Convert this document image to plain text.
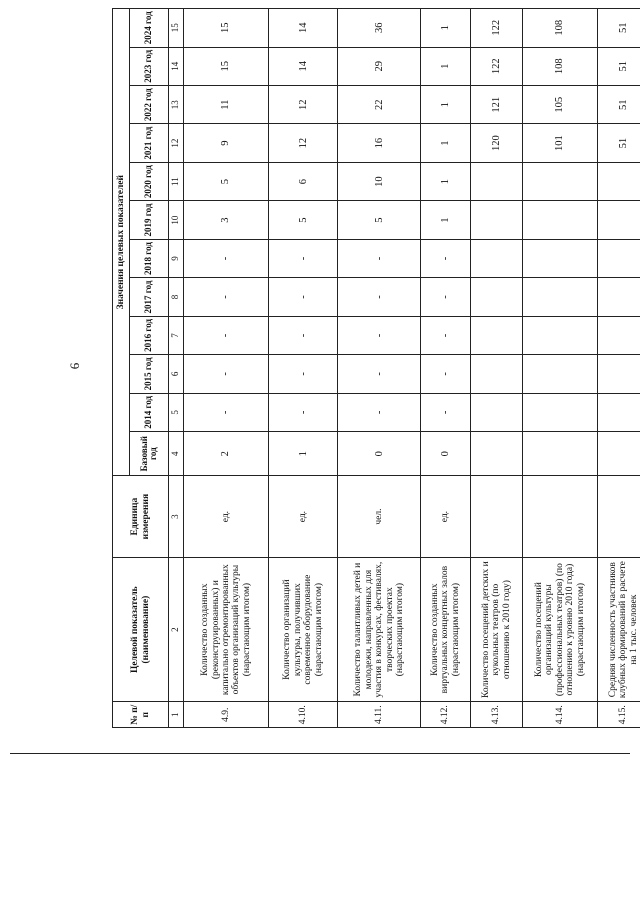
6
№ п/п	Целевой показатель (наименование)	Единица измерения	Значения целевых показателей											
			Базовый год	2014 год	2015 год	2016 год	2017 год	2018 год	2019 год	2020 год	2021 год	2022 год	2023 год	2024 год
1	2	3	4	5	6	7	8	9	10	11	12	13	14	15
4.9.	Количество созданных (реконструированных) и капитально отремонтированных объектов организаций культуры (нарастающим итогом)	ед.	2	-	-	-	-	-	3	5	9	11	15	15
4.10.	Количество организаций культуры, получивших современное оборудование (нарастающим итогом)	ед.	1	-	-	-	-	-	5	6	12	12	14	14
4.11.	Количество талантливых детей и молодежи, направленных для участия в конкурсах, фестивалях, творческих проектах (нарастающим итогом)	чел.	0	-	-	-	-	-	5	10	16	22	29	36
4.12.	Количество созданных виртуальных концертных залов (нарастающим итогом)	ед.	0	-	-	-	-	-	1	1	1	1	1	1
4.13.	Количество посещений детских и кукольных театров (по отношению к 2010 году)										120	121	122	122
4.14.	Количество посещений организаций культуры (профессиональных театров) (по отношению к уровню 2010 года) (нарастающим итогом)										101	105	108	108
4.15.	Средняя численность участников клубных формирований в расчете на 1 тыс. человек										51	51	51	51
